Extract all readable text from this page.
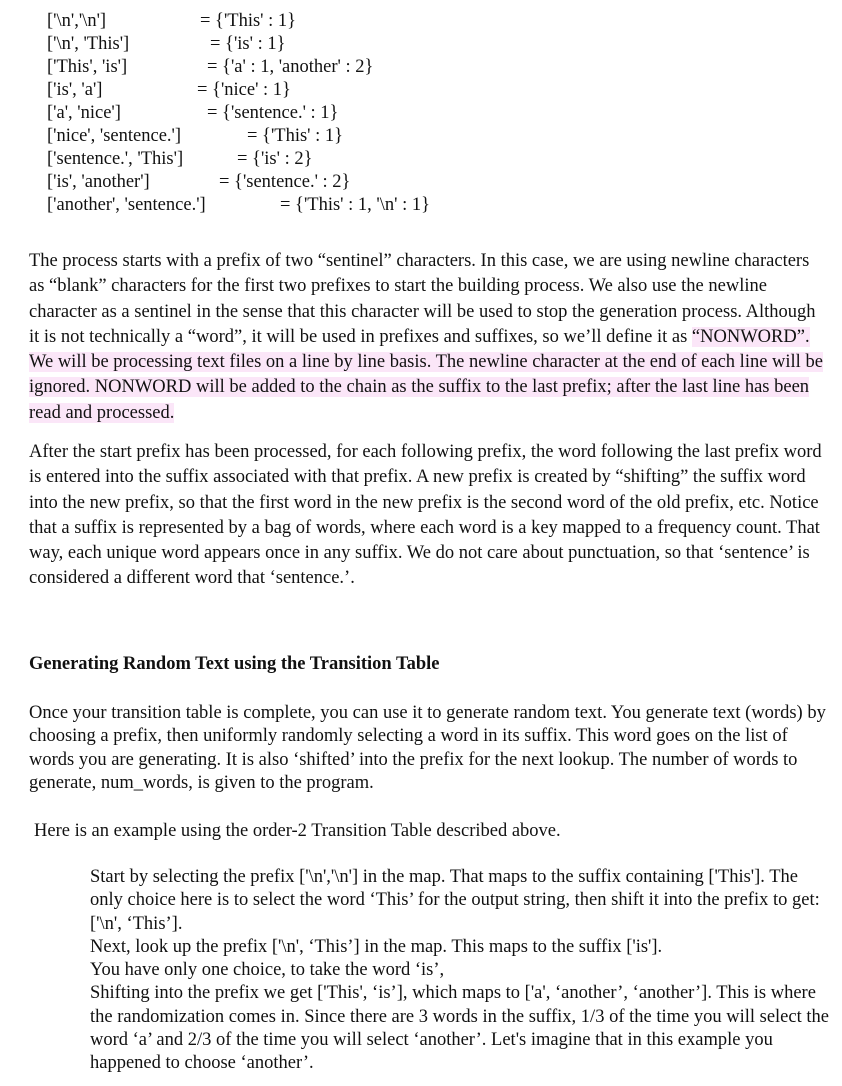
['\n','\n']	= {'This' : 1}
['\n', 'This']	= {'is' : 1}
['This', 'is']	= {'a' : 1, 'another' : 2}
['is', 'a']	= {'nice' : 1}
['a', 'nice']	= {'sentence.' : 1}
['nice', 'sentence.']	= {'This' : 1}
['sentence.', 'This']	= {'is' : 2}
['is', 'another']	= {'sentence.' : 2}
['another', 'sentence.']	= {'This' : 1, '\n' : 1}

The process starts with a prefix of two “sentinel” characters. In this case, we are using newline characters as “blank” characters for the first two prefixes to start the building process. We also use the newline character as a sentinel in the sense that this character will be used to stop the generation process. Although it is not technically a “word”, it will be used in prefixes and suffixes, so we’ll define it as “NONWORD”. We will be processing text files on a line by line basis. The newline character at the end of each line will be ignored. NONWORD will be added to the chain as the suffix to the last prefix; after the last line has been read and processed.

After the start prefix has been processed, for each following prefix, the word following the last prefix word is entered into the suffix associated with that prefix. A new prefix is created by “shifting” the suffix word into the new prefix, so that the first word in the new prefix is the second word of the old prefix, etc. Notice that a suffix is represented by a bag of words, where each word is a key mapped to a frequency count. That way, each unique word appears once in any suffix. We do not care about punctuation, so that ‘sentence’ is considered a different word that ‘sentence.’.

Generating Random Text using the Transition Table

Once your transition table is complete, you can use it to generate random text. You generate text (words) by choosing a prefix, then uniformly randomly selecting a word in its suffix. This word goes on the list of words you are generating. It is also ‘shifted’ into the prefix for the next lookup. The number of words to generate, num_words, is given to the program.

Here is an example using the order-2 Transition Table described above.

Start by selecting the prefix ['\n','\n'] in the map. That maps to the suffix containing ['This']. The only choice here is to select the word ‘This’ for the output string, then shift it into the prefix to get: ['\n', ‘This’].

Next, look up the prefix ['\n', ‘This’] in the map. This maps to the suffix ['is'].

You have only one choice, to take the word ‘is’,

Shifting into the prefix we get ['This', ‘is’], which maps to ['a', ‘another’, ‘another’]. This is where the randomization comes in. Since there are 3 words in the suffix, 1/3 of the time you will select the word ‘a’ and 2/3 of the time you will select ‘another’. Let's imagine that in this example you happened to choose ‘another’.
